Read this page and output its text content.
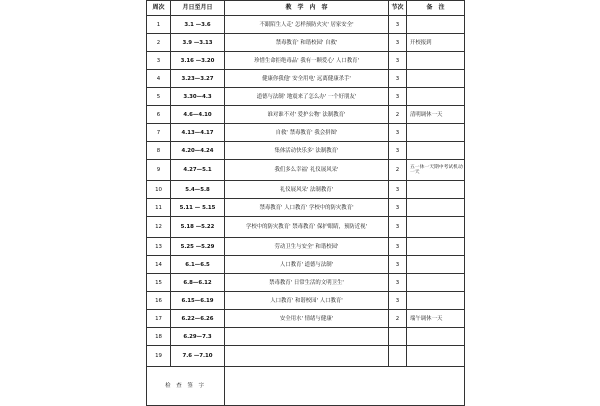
周次	月日至月日	教　学　内　容	节次	备　注
1	3.1 —3.6	不跟陌生人走' 怎样预防火灾' 居家安全'	3	
2	3.9 —3.13	禁毒教育' 和谐校园' 自救'	3	开校报到
3	3.16 —3.20	珍惜生命拒绝毒品' 我有一颗爱心' 人口教育'	3	
4	3.23—3.27	健康你我他' 安全用电' 远离健康杀手'	3	
5	3.30—4.3	道德与法制' 地震来了怎么办' 一个好朋友'	3	
6	4.6—4.10	谁对谁不对' 爱护公物' 法制教育'	2	清明调休一天
7	4.13—4.17	自救' 禁毒教育' 我会拼图'	3	
8	4.20—4.24	集体活动快乐多' 法制教育'	3	
9	4.27—5.1	我们多么幸福' 礼仪展风采'	2	五一休一天期中考试机动一天
10	5.4—5.8	礼仪展风采' 法制教育'	3	
11	5.11 — 5.15	禁毒教育' 人口教育' 学校中的防灾教育'	3	
12	5.18 —5.22	学校中的防灾教育' 禁毒教育' 保护眼睛，预防近视'	3	
13	5.25 —5.29	劳动卫生与安全' 和谐校园'	3	
14	6.1—6.5	人口教育' 道德与法制'	3	
15	6.8—6.12	禁毒教育' 日常生活的文明卫生'	3	
16	6.15—6.19	人口教育' 和谐校园' 人口教育'	3	
17	6.22—6.26	安全用水' 情绪与健康'	2	端午调休一天
18	6.29—7.3			
19	7.6 —7.10			
检 查 签 字				
